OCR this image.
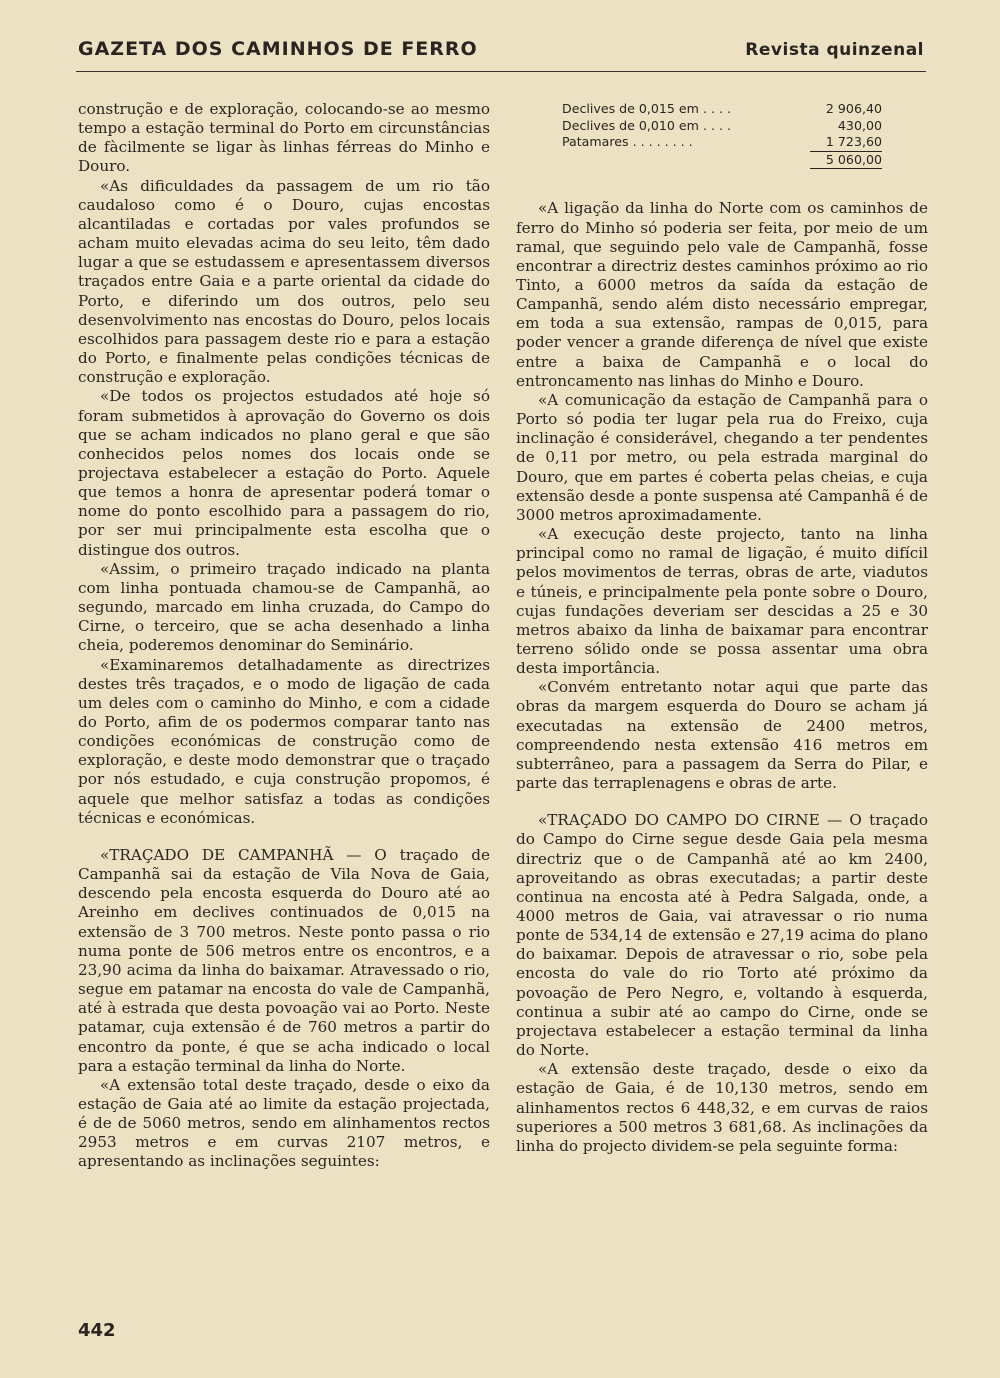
GAZETA DOS CAMINHOS DE FERRO	Revista quinzenal

construção e de exploração, colocando-se ao mesmo tempo a estação terminal do Porto em circunstâncias de fàcilmente se ligar às linhas férreas do Minho e Douro.

«As dificuldades da passagem de um rio tão caudaloso como é o Douro, cujas encostas alcantiladas e cortadas por vales profundos se acham muito elevadas acima do seu leito, têm dado lugar a que se estudassem e apresentassem diversos traçados entre Gaia e a parte oriental da cidade do Porto, e diferindo um dos outros, pelo seu desenvolvimento nas encostas do Douro, pelos locais escolhidos para passagem deste rio e para a estação do Porto, e finalmente pelas condições técnicas de construção e exploração.

«De todos os projectos estudados até hoje só foram submetidos à aprovação do Governo os dois que se acham indicados no plano geral e que são conhecidos pelos nomes dos locais onde se projectava estabelecer a estação do Porto. Aquele que temos a honra de apresentar poderá tomar o nome do ponto escolhido para a passagem do rio, por ser mui principalmente esta escolha que o distingue dos outros.

«Assim, o primeiro traçado indicado na planta com linha pontuada chamou-se de Campanhã, ao segundo, marcado em linha cruzada, do Campo do Cirne, o terceiro, que se acha desenhado a linha cheia, poderemos denominar do Seminário.

«Examinaremos detalhadamente as directrizes destes três traçados, e o modo de ligação de cada um deles com o caminho do Minho, e com a cidade do Porto, afim de os podermos comparar tanto nas condições económicas de construção como de exploração, e deste modo demonstrar que o traçado por nós estudado, e cuja construção propomos, é aquele que melhor satisfaz a todas as condições técnicas e económicas.

«TRAÇADO DE CAMPANHÃ — O traçado de Campanhã sai da estação de Vila Nova de Gaia, descendo pela encosta esquerda do Douro até ao Areinho em declives continuados de 0,015 na extensão de 3 700 metros. Neste ponto passa o rio numa ponte de 506 metros entre os encontros, e a 23,90 acima da linha do baixamar. Atravessado o rio, segue em patamar na encosta do vale de Campanhã, até à estrada que desta povoação vai ao Porto. Neste patamar, cuja extensão é de 760 metros a partir do encontro da ponte, é que se acha indicado o local para a estação terminal da linha do Norte.

«A extensão total deste traçado, desde o eixo da estação de Gaia até ao limite da estação projectada, é de de 5060 metros, sendo em alinhamentos rectos 2953 metros e em curvas 2107 metros, e apresentando as inclinações seguintes:

Declives de 0,015 em . . . .	2 906,40
Declives de 0,010 em . . . .	430,00
Patamares . . . . . . . .	1 723,60
5 060,00

«A ligação da linha do Norte com os caminhos de ferro do Minho só poderia ser feita, por meio de um ramal, que seguindo pelo vale de Campanhã, fosse encontrar a directriz destes caminhos próximo ao rio Tinto, a 6000 metros da saída da estação de Campanhã, sendo além disto necessário empregar, em toda a sua extensão, rampas de 0,015, para poder vencer a grande diferença de nível que existe entre a baixa de Campanhã e o local do entroncamento nas linhas do Minho e Douro.

«A comunicação da estação de Campanhã para o Porto só podia ter lugar pela rua do Freixo, cuja inclinação é considerável, chegando a ter pendentes de 0,11 por metro, ou pela estrada marginal do Douro, que em partes é coberta pelas cheias, e cuja extensão desde a ponte suspensa até Campanhã é de 3000 metros aproximadamente.

«A execução deste projecto, tanto na linha principal como no ramal de ligação, é muito difícil pelos movimentos de terras, obras de arte, viadutos e túneis, e principalmente pela ponte sobre o Douro, cujas fundações deveriam ser descidas a 25 e 30 metros abaixo da linha de baixamar para encontrar terreno sólido onde se possa assentar uma obra desta importância.

«Convém entretanto notar aqui que parte das obras da margem esquerda do Douro se acham já executadas na extensão de 2400 metros, compreendendo nesta extensão 416 metros em subterrâneo, para a passagem da Serra do Pilar, e parte das terraplenagens e obras de arte.

«TRAÇADO DO CAMPO DO CIRNE — O traçado do Campo do Cirne segue desde Gaia pela mesma directriz que o de Campanhã até ao km 2400, aproveitando as obras executadas; a partir deste continua na encosta até à Pedra Salgada, onde, a 4000 metros de Gaia, vai atravessar o rio numa ponte de 534,14 de extensão e 27,19 acima do plano do baixamar. Depois de atravessar o rio, sobe pela encosta do vale do rio Torto até próximo da povoação de Pero Negro, e, voltando à esquerda, continua a subir até ao campo do Cirne, onde se projectava estabelecer a estação terminal da linha do Norte.

«A extensão deste traçado, desde o eixo da estação de Gaia, é de 10,130 metros, sendo em alinhamentos rectos 6 448,32, e em curvas de raios superiores a 500 metros 3 681,68. As inclinações da linha do projecto dividem-se pela seguinte forma:

442
